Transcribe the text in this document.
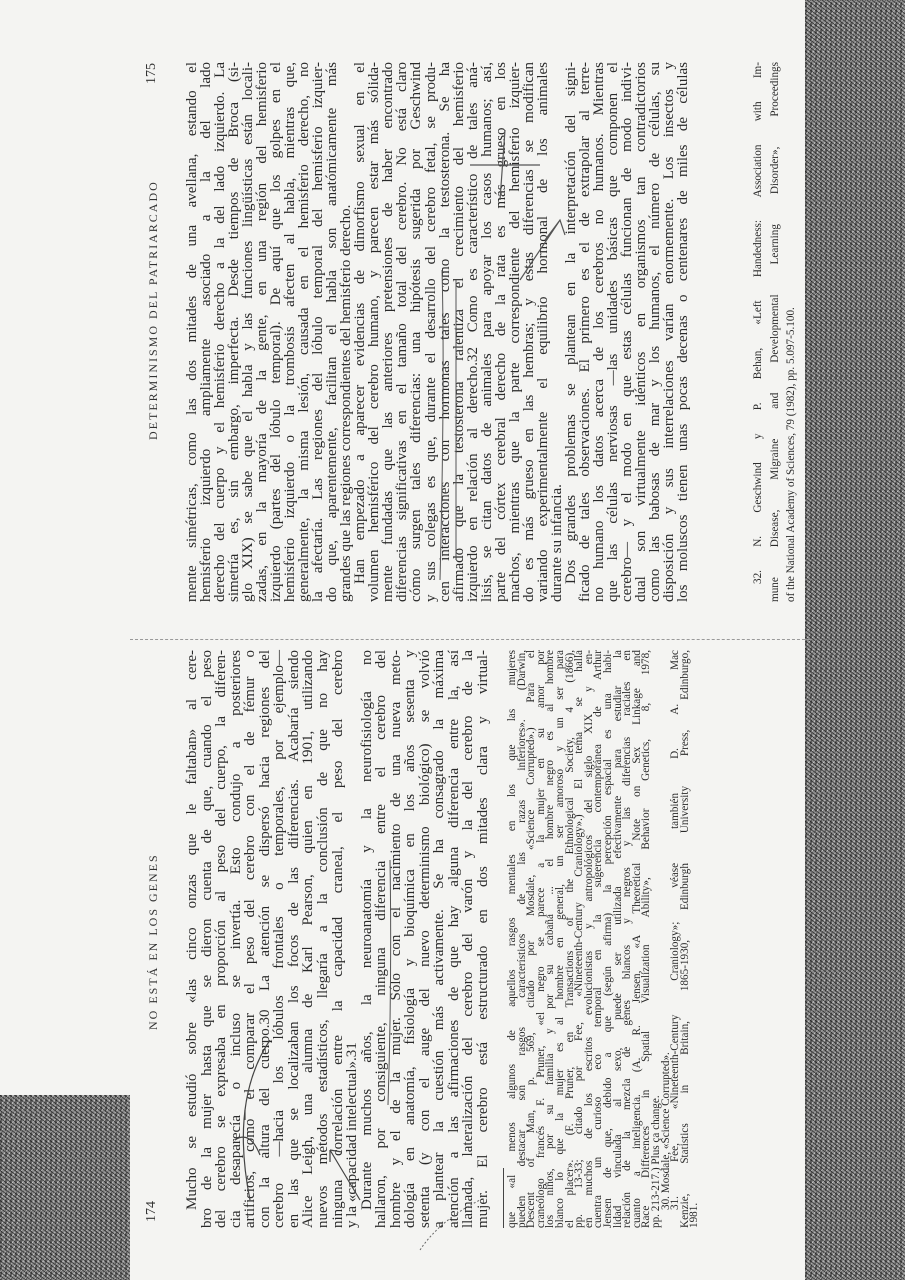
174
NO ESTÁ EN LOS GENES Mucho se estudió sobre «las cinco onzas que le faltaban» al cere-
bro de la mujer hasta que se dieron cuenta de que, cuando el peso
del cerebro se expresaba en proporción al peso del cuerpo, la diferen-
cia desaparecía o incluso se invertía. Esto condujo a posteriores
artificios, como el comparar el peso del cerebro con el de fémur o
con la altura del cuerpo.30 La atención se dispersó hacia regiones del
cerebro —hacia los lóbulos frontales o temporales, por ejemplo—
en las que se localizaban los focos de las diferencias. Acabaría siendo
Alice Leigh, una alumna de Karl Pearson, quien en 1901, utilizando
nuevos métodos estadísticos, llegaría a la conclusión de que no hay
ninguna correlación entre la capacidad craneal, el peso del cerebro
y la «capacidad intelectual».31
Durante muchos años, la neuroanatomía y la neurofisiología no
hallaron, por consiguiente, ninguna diferencia entre el cerebro del
hombre y el de la mujer. Sólo con el nacimiento de una nueva meto-
dología en anatomía, fisiología y bioquímica en los años sesenta y
setenta (y con el auge del nuevo determinismo biológico) se volvió
a plantear la cuestión más activamente. Se ha consagrado la máxima
atención a las afirmaciones de que hay alguna diferencia entre la, así
llamada, lateralización del cerebro del varón y la del cerebro de la
mujer. El cerebro está estructurado en dos mitades clara y virtual- que «al menos algunos de aquellos rasgos mentales en los que las mujeres
pueden destacar son rasgos característicos de las razas inferiores». (Darwin,
Descent of Man, p. 569, citado por Mosdale, «Science Corrupted».) Para el
craneólogo francés F. Pruner, «el negro se parece a la mujer en su amor por
los niños, por su familia y por su cabaña ... el hombre negro es al hombre
blanco lo que la mujer es al hombre en general, un ser amoroso y un ser para
el placer». (F. Pruner, en Transactions of the Ethnological Society, 4 (1866),
pp. 13-33; citado por Fee, «Nineteenth-Century Craniology».) El tema se halla
en muchos de los escritos evolucionistas y antropológicos del siglo XIX y en-
cuentra un curioso eco temporal en la sugerencia contemporánea de Arthur
Jensen de que, debido a que (según afirma) la percepción espacial es una habi-
lidad vinculada al sexo, puede ser utilizada efectivamente para estudiar la
relación de la mezcla de genes blancos y negros y las diferencias raciales en
cuanto a inteligencia. (A. R. Jensen, «A Theoretical Note on Sex Linkage and
Race Differences in Spatial Visualization Ability», Behavior Genetics, 8, 1978,
pp. 213-217.) Plus ça change.
30. Mosdale, «Science Corrupted».
31. Fee, «Nineteenth-Century Craniology»; véase también D. A. Mac
Kenzie, Statistics in Britain, 1865-1930, Edinburgh University Press, Edinburgo,
1981.
DETERMINISMO DEL PATRIARCADO
175 mente simétricas, como las dos mitades de una avellana, estando el
hemisferio izquierdo ampliamente asociado a la del lado
derecho del cuerpo y el hemisferio derecho a la del lado izquierdo. La
simetría es, sin embargo, imperfecta. Desde tiempos de Broca (si-
glo XIX) se sabe que el habla y las funciones lingüísticas están locali-
zadas, en la mayoría de la gente, en una región del hemisferio
izquierdo (partes del lóbulo temporal). De aquí que los golpes en el
hemisferio izquierdo o la trombosis afecten al habla, mientras que,
generalmente, la misma lesión, causada en el hemisferio derecho, no
la afectaría. Las regiones del lóbulo temporal del hemisferio izquier-
do que, aparentemente, facilitan el habla son anatómicamente más
grandes que las regiones correspondientes del hemisferio derecho.
Han empezado a aparecer evidencias de dimorfismo sexual en el
volumen hemisférico del cerebro humano, y parecen estar más sólida-
mente fundadas que las anteriores pretensiones de haber encontrado
diferencias significativas en el tamaño total del cerebro. No está claro
cómo surgen tales diferencias: una hipótesis sugerida por Geschwind
y sus colegas es que, durante el desarrollo del cerebro fetal, se produ-
cen interacciones con hormonas tales como la testosterona. Se ha
afirmado que la testosterona ralentiza el crecimiento del hemisferio
izquierdo en relación al derecho.32 Como es característico de tales aná-
lisis, se citan datos de animales para apoyar los casos humanos; así,
parte del córtex cerebral derecho de la rata es más grueso en los
machos, mientras que la parte correspondiente del hemisferio izquier-
do es más grueso en las hembras; y estas diferencias se modifican
variando experimentalmente el equilibrio hormonal de los animales
durante su infancia.
Dos grandes problemas se plantean en la interpretación del signi-
ficado de tales observaciones. El primero es el de extrapolar al terre-
no humano los datos acerca de los cerebros no humanos. Mientras
que las células nerviosas —las unidades básicas que componen el
cerebro— y el modo en que estas células funcionan de modo indivi-
dual son virtualmente idénticos en organismos tan contradictorios
como las babosas de mar y los humanos, el número de células, su
disposición y sus interrelaciones varían enormemente. Los insectos y
los moluscos tienen unas pocas decenas o centenares de miles de células	32. N. Geschwind y P. Behan, «Left Handedness: Association with Im- mune Disease, Migraine and Developmental Learning Disorder», Proceedings of the National Academy of Sciences, 79 (1982), pp. 5.097-5.100.
